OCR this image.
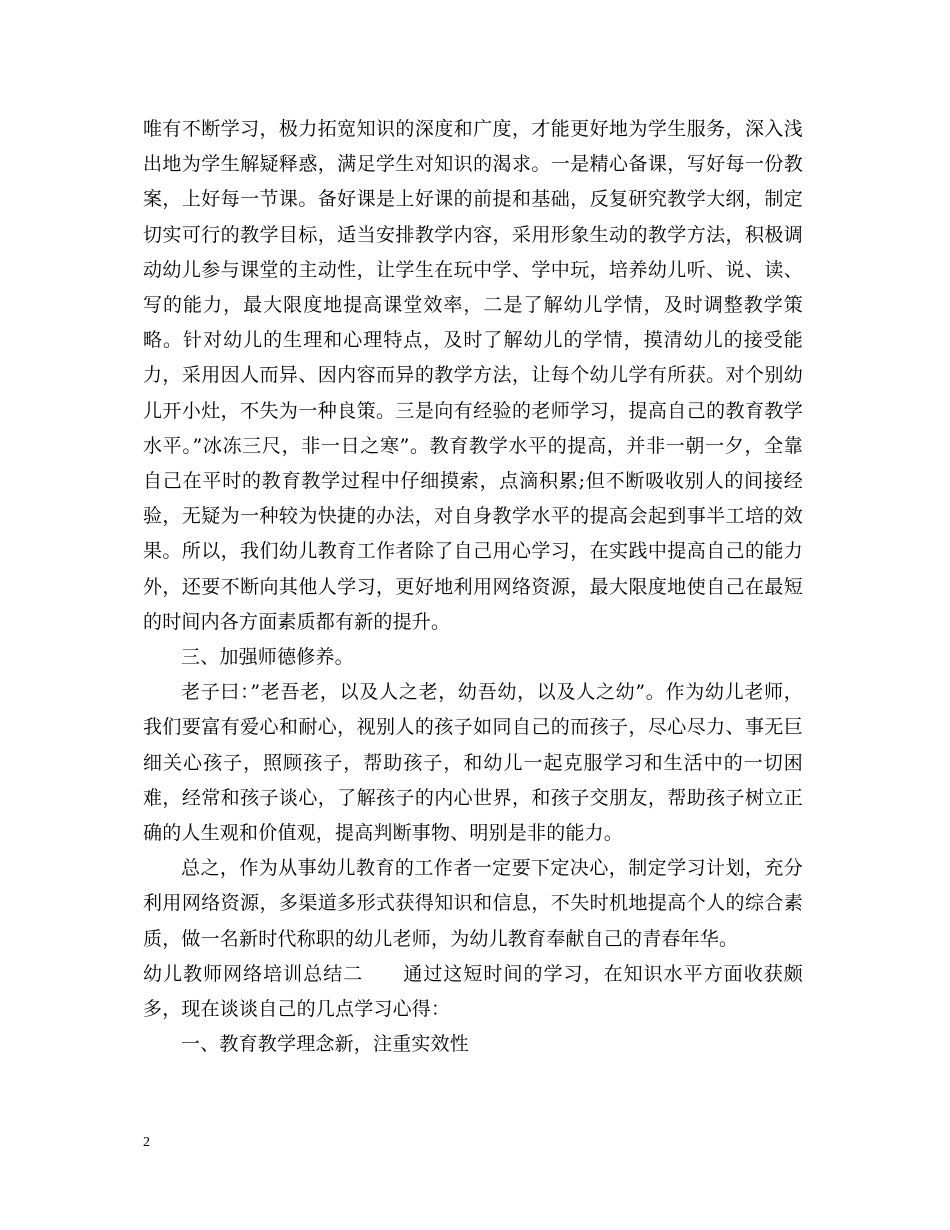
唯有不断学习，极力拓宽知识的深度和广度，才能更好地为学生服务，深入浅出地为学生解疑释惑，满足学生对知识的渴求。一是精心备课，写好每一份教案，上好每一节课。备好课是上好课的前提和基础，反复研究教学大纲，制定切实可行的教学目标，适当安排教学内容，采用形象生动的教学方法，积极调动幼儿参与课堂的主动性，让学生在玩中学、学中玩，培养幼儿听、说、读、写的能力，最大限度地提高课堂效率，二是了解幼儿学情，及时调整教学策略。针对幼儿的生理和心理特点，及时了解幼儿的学情，摸清幼儿的接受能力，采用因人而异、因内容而异的教学方法，让每个幼儿学有所获。对个别幼儿开小灶，不失为一种良策。三是向有经验的老师学习，提高自己的教育教学水平。”冰冻三尺，非一日之寒”。教育教学水平的提高，并非一朝一夕，全靠自己在平时的教育教学过程中仔细摸索，点滴积累;但不断吸收别人的间接经验，无疑为一种较为快捷的办法，对自身教学水平的提高会起到事半工培的效果。所以，我们幼儿教育工作者除了自己用心学习，在实践中提高自己的能力外，还要不断向其他人学习，更好地利用网络资源，最大限度地使自己在最短的时间内各方面素质都有新的提升。

三、加强师德修养。

老子曰：”老吾老，以及人之老，幼吾幼，以及人之幼”。作为幼儿老师，我们要富有爱心和耐心，视别人的孩子如同自己的而孩子，尽心尽力、事无巨细关心孩子，照顾孩子，帮助孩子，和幼儿一起克服学习和生活中的一切困难，经常和孩子谈心，了解孩子的内心世界，和孩子交朋友，帮助孩子树立正确的人生观和价值观，提高判断事物、明别是非的能力。

总之，作为从事幼儿教育的工作者一定要下定决心，制定学习计划，充分利用网络资源，多渠道多形式获得知识和信息，不失时机地提高个人的综合素质，做一名新时代称职的幼儿老师，为幼儿教育奉献自己的青春年华。

幼儿教师网络培训总结二　　通过这短时间的学习，在知识水平方面收获颇多，现在谈谈自己的几点学习心得：

一、教育教学理念新，注重实效性

2
